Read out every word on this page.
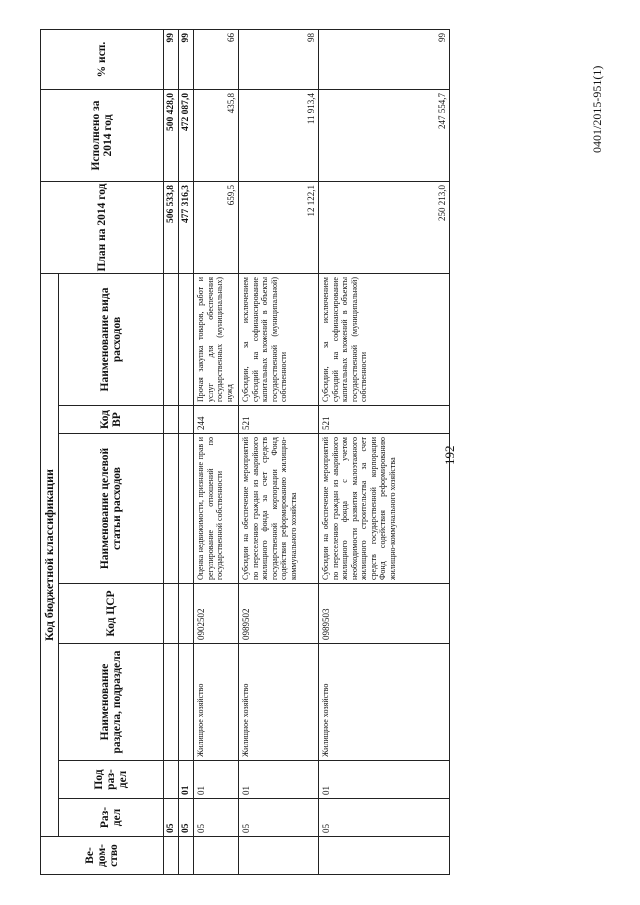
192
Ве-дом-ство	Код бюджетной классификации							План на 2014 год	Исполнено за 2014 год	% исп.
	Раз-дел	Под раз-дел	Наименование раздела, подраздела	Код ЦСР	Наименование целевой статьи расходов	Код ВР	Наименование вида расходов			
	05							506 533,8	500 428,0	99
	05	01						477 316,3	472 087,0	99
	05	01	Жилищное хозяйство	0902502	Оценка недвижимости, признание прав и регулирование отношений по государственной собственности	244	Прочая закупка товаров, работ и услуг для обеспечения государственных (муниципальных) нужд	659,5	435,8	66
	05	01	Жилищное хозяйство	0989502	Субсидии на обеспечение мероприятий по переселению граждан из аварийного жилищного фонда за счет средств государственной корпорации Фонд содействия реформированию жилищно-коммунального хозяйства	521	Субсидии, за исключением субсидий на софинансирование капитальных вложений в объекты государственной (муниципальной) собственности	12 122,1	11 913,4	98
	05	01	Жилищное хозяйство	0989503	Субсидии на обеспечение мероприятий по переселению граждан из аварийного жилищного фонда с учетом необходимости развития малоэтажного жилищного строительства за счет средств государственной корпорации Фонд содействия реформированию жилищно-коммунального хозяйства	521	Субсидии, за исключением субсидий на софинансирование капитальных вложений в объекты государственной (муниципальной) собственности	250 213,0	247 554,7	99
0401/2015-951(1)
